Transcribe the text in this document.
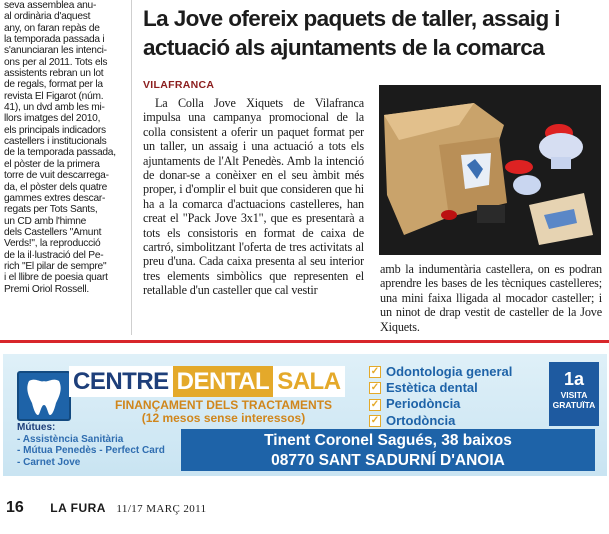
seva assemblea anu-
al ordinària d'aquest
any, on faran repàs de
la temporada passada i
s'anunciaran les intenci-
ons per al 2011. Tots els
assistents rebran un lot
de regals, format per la
revista El Figarot (núm.
41), un dvd amb les mi-
llors imatges del 2010,
els principals indicadors
castellers i institucionals
de la temporada passada,
el pòster de la primera
torre de vuit descarrega-
da, el pòster dels quatre
gammes extres descar-
regats per Tots Sants,
un CD amb l'himne
dels Castellers "Amunt
Verds!", la reproducció
de la il·lustració del Pe-
rich "El pilar de sempre"
i el llibre de poesia quart
Premi Oriol Rossell.

La Jove ofereix paquets de taller, assaig i actuació als ajuntaments de la comarca
VILAFRANCA

La Colla Jove Xiquets de Vilafranca impulsa una campanya promocional de la colla consistent a oferir un paquet format per un taller, un assaig i una actuació a tots els ajuntaments de l'Alt Penedès. Amb la intenció de donar-se a conèixer en el seu àmbit més proper, i d'omplir el buit que consideren que hi ha a la comarca d'actuacions castelleres, han creat el "Pack Jove 3x1", que es presentarà a tots els consistoris en format de caixa de cartró, simbolitzant l'oferta de tres activitats al preu d'una. Cada caixa presenta al seu interior tres elements simbòlics que representen el retallable d'un casteller que cal vestir

amb la indumentària castellera, on es podran aprendre les bases de les tècniques castelleres; una mini faixa lligada al mocador casteller; i un ninot de drap vestit de casteller de la Jove Xiquets.
CENTRE DENTAL SALA
FINANÇAMENT DELS TRACTAMENTS
(12 mesos sense interessos)
✓ Odontologia general
✓ Estètica dental
✓ Periodòncia
✓ Ortodòncia
1a
VISITA
GRATUÏTA
Mútues:
- Assistència Sanitària
- Mútua Penedès - Perfect Card
- Carnet Jove
Tinent Coronel Sagués, 38 baixos
08770 SANT SADURNÍ D'ANOIA
16 LA FURA 11/17 MARÇ 2011
